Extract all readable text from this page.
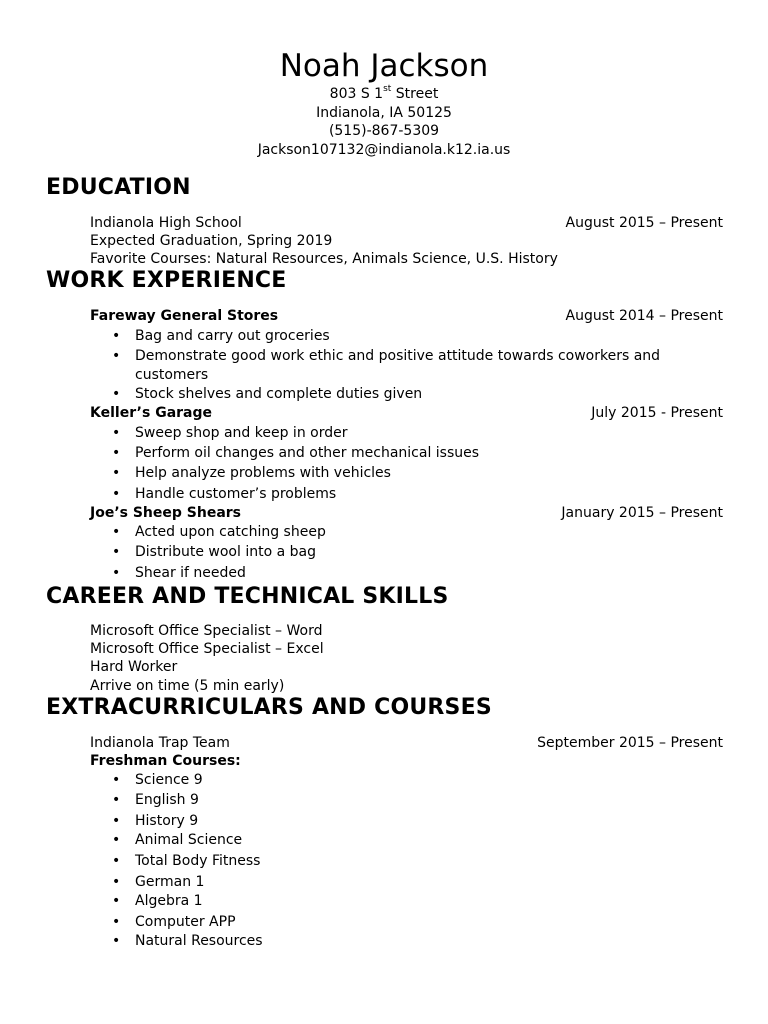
Noah Jackson
803 S 1st Street
Indianola, IA 50125
(515)-867-5309
Jackson107132@indianola.k12.ia.us
EDUCATION
Indianola High School	August 2015 – Present
Expected Graduation, Spring 2019
Favorite Courses: Natural Resources, Animals Science, U.S. History
WORK EXPERIENCE
Fareway General Stores	August 2014 – Present
• Bag and carry out groceries
• Demonstrate good work ethic and positive attitude towards coworkers and
customers
• Stock shelves and complete duties given
Keller’s Garage	July 2015 - Present
• Sweep shop and keep in order
• Perform oil changes and other mechanical issues
• Help analyze problems with vehicles
• Handle customer’s problems
Joe’s Sheep Shears	January 2015 – Present
• Acted upon catching sheep
• Distribute wool into a bag
• Shear if needed
CAREER AND TECHNICAL SKILLS
Microsoft Office Specialist – Word
Microsoft Office Specialist – Excel
Hard Worker
Arrive on time (5 min early)
EXTRACURRICULARS AND COURSES
Indianola Trap Team	September 2015 – Present
Freshman Courses:
• Science 9
• English 9
• History 9
• Animal Science
• Total Body Fitness
• German 1
• Algebra 1
• Computer APP
• Natural Resources
